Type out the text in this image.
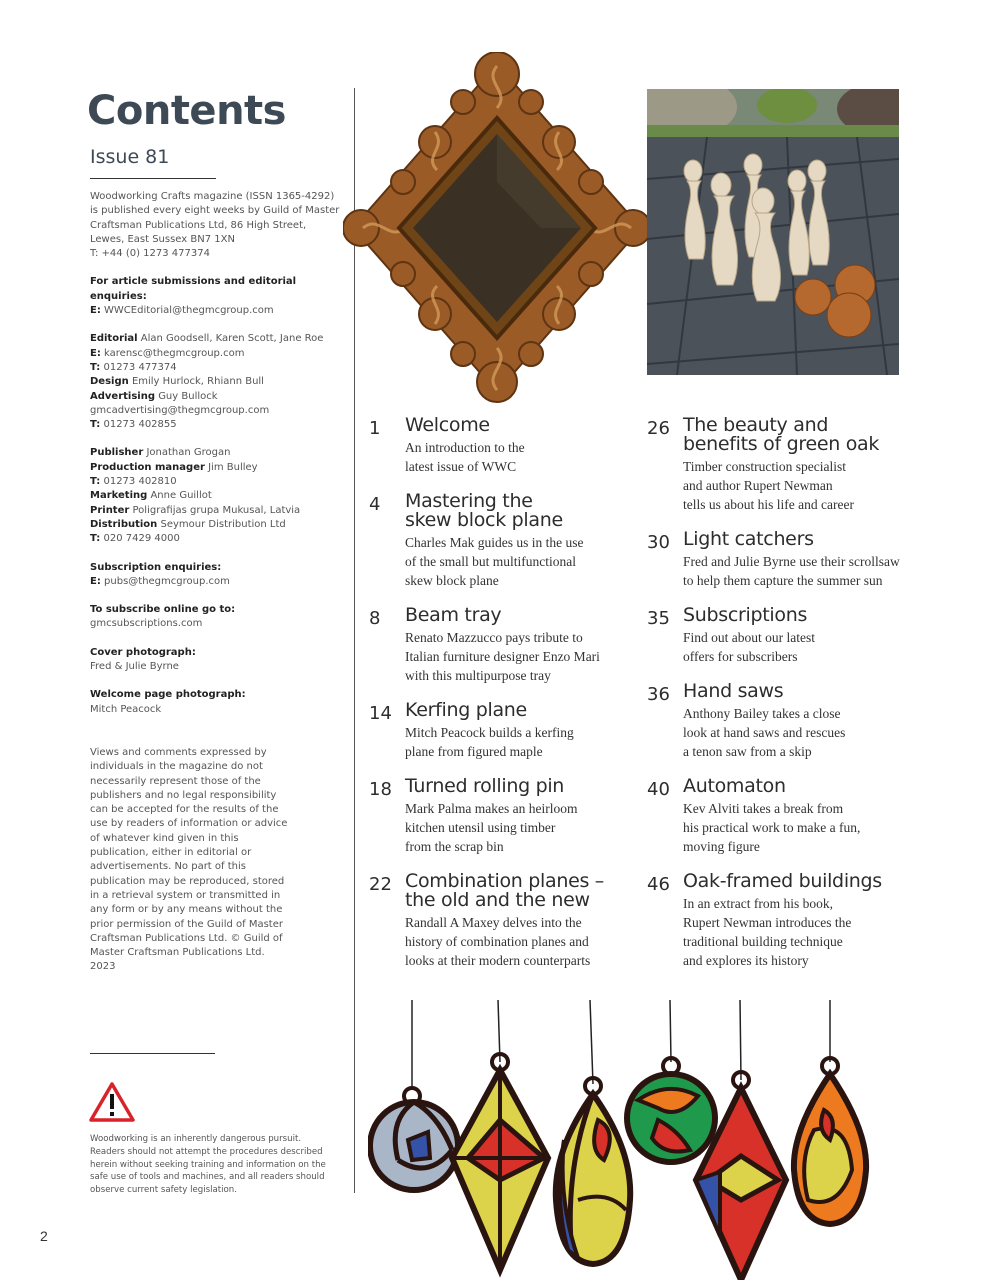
Contents
Issue 81

Woodworking Crafts magazine (ISSN 1365-4292) is published every eight weeks by Guild of Master Craftsman Publications Ltd, 86 High Street, Lewes, East Sussex BN7 1XN
T: +44 (0) 1273 477374

For article submissions and editorial enquiries:
E: WWCEditorial@thegmcgroup.com

Editorial Alan Goodsell, Karen Scott, Jane Roe
E: karensc@thegmcgroup.com
T: 01273 477374
Design Emily Hurlock, Rhiann Bull
Advertising Guy Bullock
gmcadvertising@thegmcgroup.com
T: 01273 402855

Publisher Jonathan Grogan
Production manager Jim Bulley
T: 01273 402810
Marketing Anne Guillot
Printer Poligrafijas grupa Mukusal, Latvia
Distribution Seymour Distribution Ltd
T: 020 7429 4000

Subscription enquiries:
E: pubs@thegmcgroup.com

To subscribe online go to:
gmcsubscriptions.com

Cover photograph:
Fred & Julie Byrne

Welcome page photograph:
Mitch Peacock

Views and comments expressed by individuals in the magazine do not necessarily represent those of the publishers and no legal responsibility can be accepted for the results of the use by readers of information or advice of whatever kind given in this publication, either in editorial or advertisements. No part of this publication may be reproduced, stored in a retrieval system or transmitted in any form or by any means without the prior permission of the Guild of Master Craftsman Publications Ltd. © Guild of Master Craftsman Publications Ltd. 2023
Woodworking is an inherently dangerous pursuit. Readers should not attempt the procedures described herein without seeking training and information on the safe use of tools and machines, and all readers should observe current safety legislation.
2
1 Welcome
An introduction to the
latest issue of WWC
4 Mastering the skew block plane
Charles Mak guides us in the use
of the small but multifunctional
skew block plane
8 Beam tray
Renato Mazzucco pays tribute to
Italian furniture designer Enzo Mari
with this multipurpose tray
14 Kerfing plane
Mitch Peacock builds a kerfing
plane from figured maple
18 Turned rolling pin
Mark Palma makes an heirloom
kitchen utensil using timber
from the scrap bin
22 Combination planes – the old and the new
Randall A Maxey delves into the
history of combination planes and
looks at their modern counterparts
26 The beauty and benefits of green oak
Timber construction specialist
and author Rupert Newman
tells us about his life and career
30 Light catchers
Fred and Julie Byrne use their scrollsaw
to help them capture the summer sun
35 Subscriptions
Find out about our latest
offers for subscribers
36 Hand saws
Anthony Bailey takes a close
look at hand saws and rescues
a tenon saw from a skip
40 Automaton
Kev Alviti takes a break from
his practical work to make a fun,
moving figure
46 Oak-framed buildings
In an extract from his book,
Rupert Newman introduces the
traditional building technique
and explores its history
